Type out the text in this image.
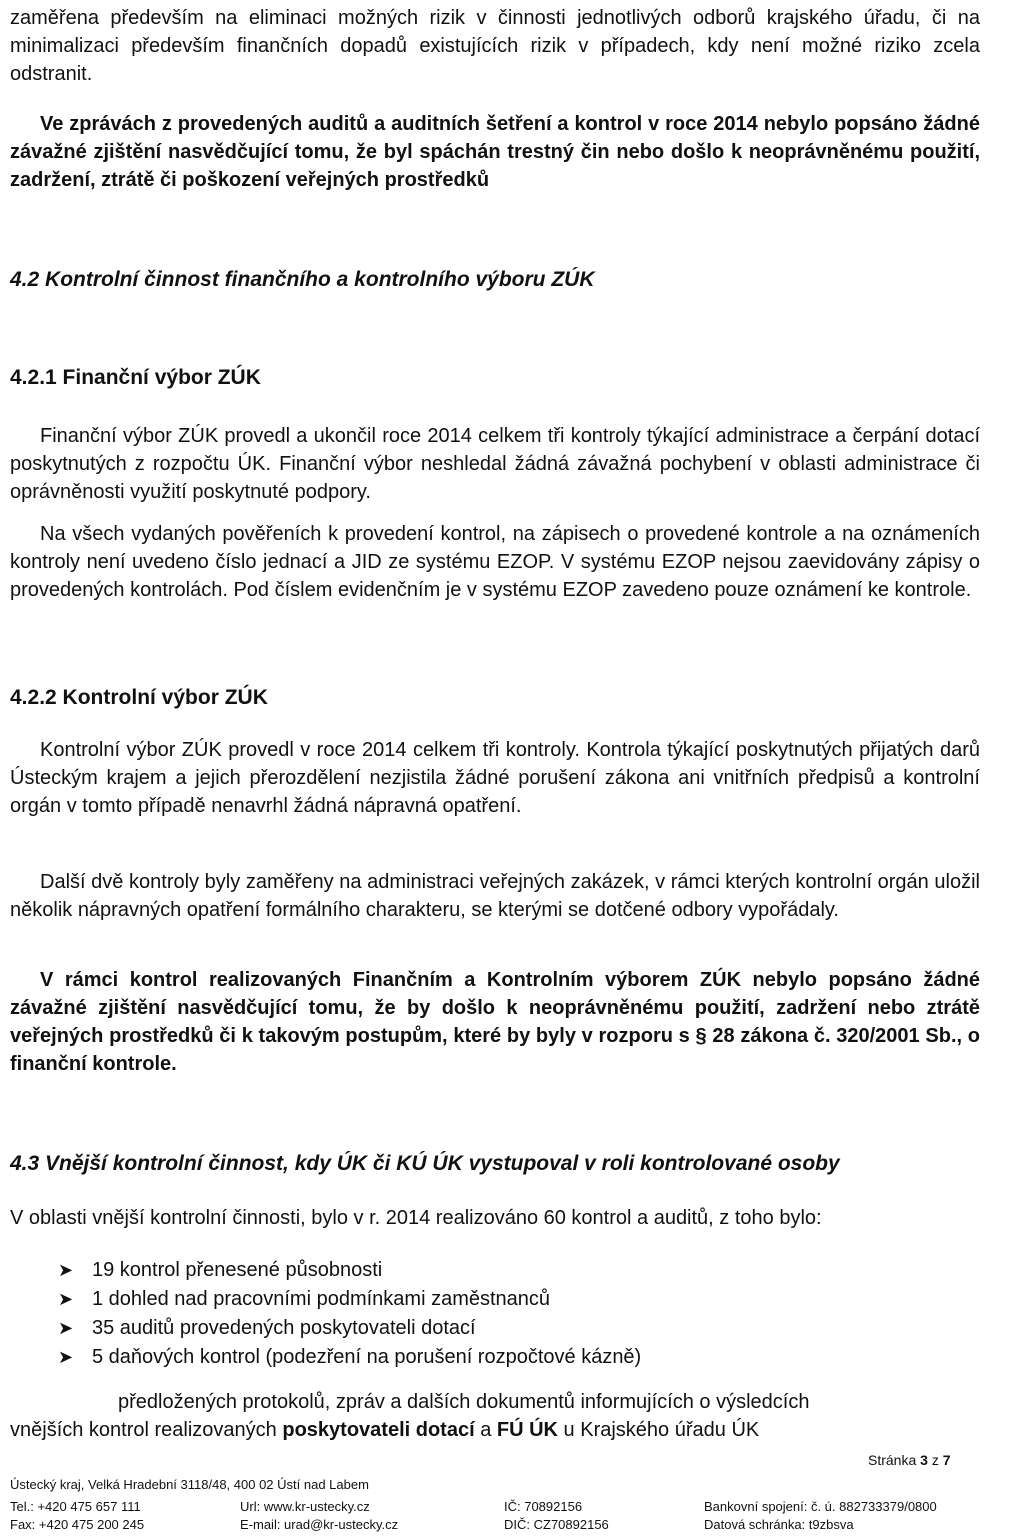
zaměřena především na eliminaci možných rizik v činnosti jednotlivých odborů krajského úřadu, či na minimalizaci především finančních dopadů existujících rizik v případech, kdy není možné riziko zcela odstranit.

Ve zprávách z provedených auditů a auditních šetření a kontrol v roce 2014 nebylo popsáno žádné závažné zjištění nasvědčující tomu, že byl spáchán trestný čin nebo došlo k neoprávněnému použití, zadržení, ztrátě či poškození veřejných prostředků

4.2 Kontrolní činnost finančního a kontrolního výboru ZÚK
4.2.1 Finanční výbor ZÚK

Finanční výbor ZÚK provedl a ukončil roce 2014 celkem tři kontroly týkající administrace a čerpání dotací poskytnutých z rozpočtu ÚK. Finanční výbor neshledal žádná závažná pochybení v oblasti administrace či oprávněnosti využití poskytnuté podpory.

Na všech vydaných pověřeních k provedení kontrol, na zápisech o provedené kontrole a na oznámeních kontroly není uvedeno číslo jednací a JID ze systému EZOP. V systému EZOP nejsou zaevidovány zápisy o provedených kontrolách. Pod číslem evidenčním je v systému EZOP zavedeno pouze oznámení ke kontrole.

4.2.2 Kontrolní výbor ZÚK

Kontrolní výbor ZÚK provedl v roce 2014 celkem tři kontroly. Kontrola týkající poskytnutých přijatých darů Ústeckým krajem a jejich přerozdělení nezjistila žádné porušení zákona ani vnitřních předpisů a kontrolní orgán v tomto případě nenavrhl žádná nápravná opatření.

Další dvě kontroly byly zaměřeny na administraci veřejných zakázek, v rámci kterých kontrolní orgán uložil několik nápravných opatření formálního charakteru, se kterými se dotčené odbory vypořádaly.

V rámci kontrol realizovaných Finančním a Kontrolním výborem ZÚK nebylo popsáno žádné závažné zjištění nasvědčující tomu, že by došlo k neoprávněnému použití, zadržení nebo ztrátě veřejných prostředků či k takovým postupům, které by byly v rozporu s § 28 zákona č. 320/2001 Sb., o finanční kontrole.

4.3 Vnější kontrolní činnost, kdy ÚK či KÚ ÚK vystupoval v roli kontrolované osoby

V oblasti vnější kontrolní činnosti, bylo v r. 2014 realizováno 60 kontrol a auditů, z toho bylo:

➤ 19 kontrol přenesené působnosti
➤ 1 dohled nad pracovními podmínkami zaměstnanců
➤ 35 auditů provedených poskytovateli dotací
➤ 5 daňových kontrol (podezření na porušení rozpočtové kázně)

předložených protokolů, zpráv a dalších dokumentů informujících o výsledcích

vnějších kontrol realizovaných poskytovateli dotací a FÚ ÚK u Krajského úřadu ÚK

Stránka 3 z 7
Ústecký kraj, Velká Hradební 3118/48, 400 02 Ústí nad Labem
Tel.: +420 475 657 111
Fax: +420 475 200 245
Url: www.kr-ustecky.cz
E-mail: urad@kr-ustecky.cz
IČ: 70892156
DIČ: CZ70892156
Bankovní spojení: č. ú. 882733379/0800
Datová schránka: t9zbsva
